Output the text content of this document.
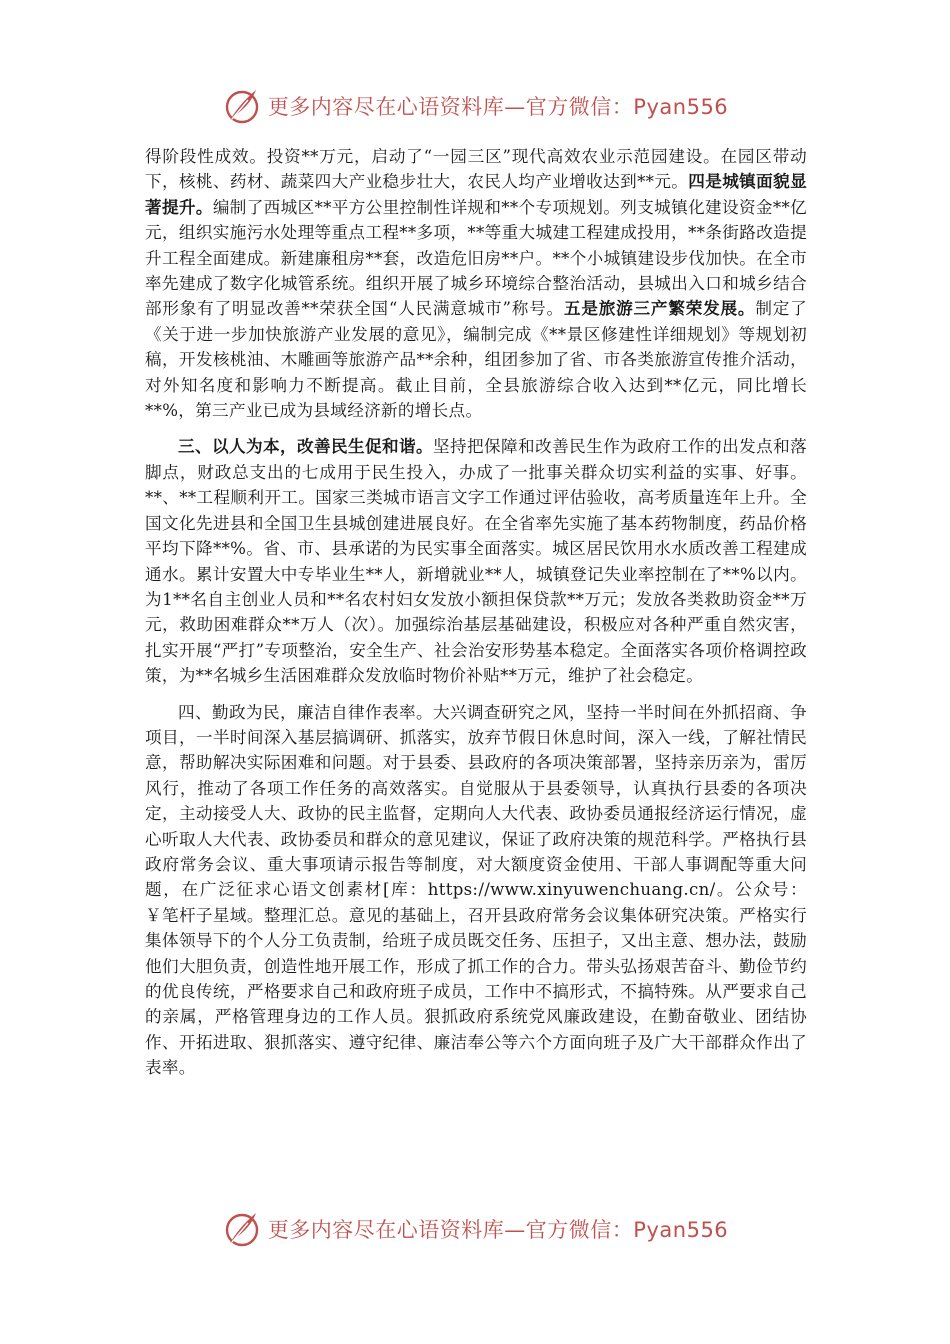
更多内容尽在心语资料库—官方微信：Pyan556

得阶段性成效。投资**万元，启动了“一园三区”现代高效农业示范园建设。在园区带动下，核桃、药材、蔬菜四大产业稳步壮大，农民人均产业增收达到**元。四是城镇面貌显著提升。编制了西城区**平方公里控制性详规和**个专项规划。列支城镇化建设资金**亿元，组织实施污水处理等重点工程**多项，**等重大城建工程建成投用，**条街路改造提升工程全面建成。新建廉租房**套，改造危旧房**户。**个小城镇建设步伐加快。在全市率先建成了数字化城管系统。组织开展了城乡环境综合整治活动，县城出入口和城乡结合部形象有了明显改善**荣获全国“人民满意城市”称号。五是旅游三产繁荣发展。制定了《关于进一步加快旅游产业发展的意见》，编制完成《**景区修建性详细规划》等规划初稿，开发核桃油、木雕画等旅游产品**余种，组团参加了省、市各类旅游宣传推介活动，对外知名度和影响力不断提高。截止目前，全县旅游综合收入达到**亿元，同比增长**%，第三产业已成为县域经济新的增长点。

三、以人为本，改善民生促和谐。坚持把保障和改善民生作为政府工作的出发点和落脚点，财政总支出的七成用于民生投入，办成了一批事关群众切实利益的实事、好事。**、**工程顺利开工。国家三类城市语言文字工作通过评估验收，高考质量连年上升。全国文化先进县和全国卫生县城创建进展良好。在全省率先实施了基本药物制度，药品价格平均下降**%。省、市、县承诺的为民实事全面落实。城区居民饮用水水质改善工程建成通水。累计安置大中专毕业生**人，新增就业**人，城镇登记失业率控制在了**%以内。为1**名自主创业人员和**名农村妇女发放小额担保贷款**万元；发放各类救助资金**万元，救助困难群众**万人（次）。加强综治基层基础建设，积极应对各种严重自然灾害，扎实开展“严打”专项整治，安全生产、社会治安形势基本稳定。全面落实各项价格调控政策，为**名城乡生活困难群众发放临时物价补贴**万元，维护了社会稳定。

四、勤政为民，廉洁自律作表率。大兴调查研究之风，坚持一半时间在外抓招商、争项目，一半时间深入基层搞调研、抓落实，放弃节假日休息时间，深入一线，了解社情民意，帮助解决实际困难和问题。对于县委、县政府的各项决策部署，坚持亲历亲为，雷厉风行，推动了各项工作任务的高效落实。自觉服从于县委领导，认真执行县委的各项决定，主动接受人大、政协的民主监督，定期向人大代表、政协委员通报经济运行情况，虚心听取人大代表、政协委员和群众的意见建议，保证了政府决策的规范科学。严格执行县政府常务会议、重大事项请示报告等制度，对大额度资金使用、干部人事调配等重大问题，在广泛征求心语文创素材[库：https://www.xinyuwenchuang.cn/。公众号：￥笔杆子星域。整理汇总。意见的基础上，召开县政府常务会议集体研究决策。严格实行集体领导下的个人分工负责制，给班子成员既交任务、压担子，又出主意、想办法，鼓励他们大胆负责，创造性地开展工作，形成了抓工作的合力。带头弘扬艰苦奋斗、勤俭节约的优良传统，严格要求自己和政府班子成员，工作中不搞形式，不搞特殊。从严要求自己的亲属，严格管理身边的工作人员。狠抓政府系统党风廉政建设，在勤奋敬业、团结协作、开拓进取、狠抓落实、遵守纪律、廉洁奉公等六个方面向班子及广大干部群众作出了表率。

更多内容尽在心语资料库—官方微信：Pyan556
